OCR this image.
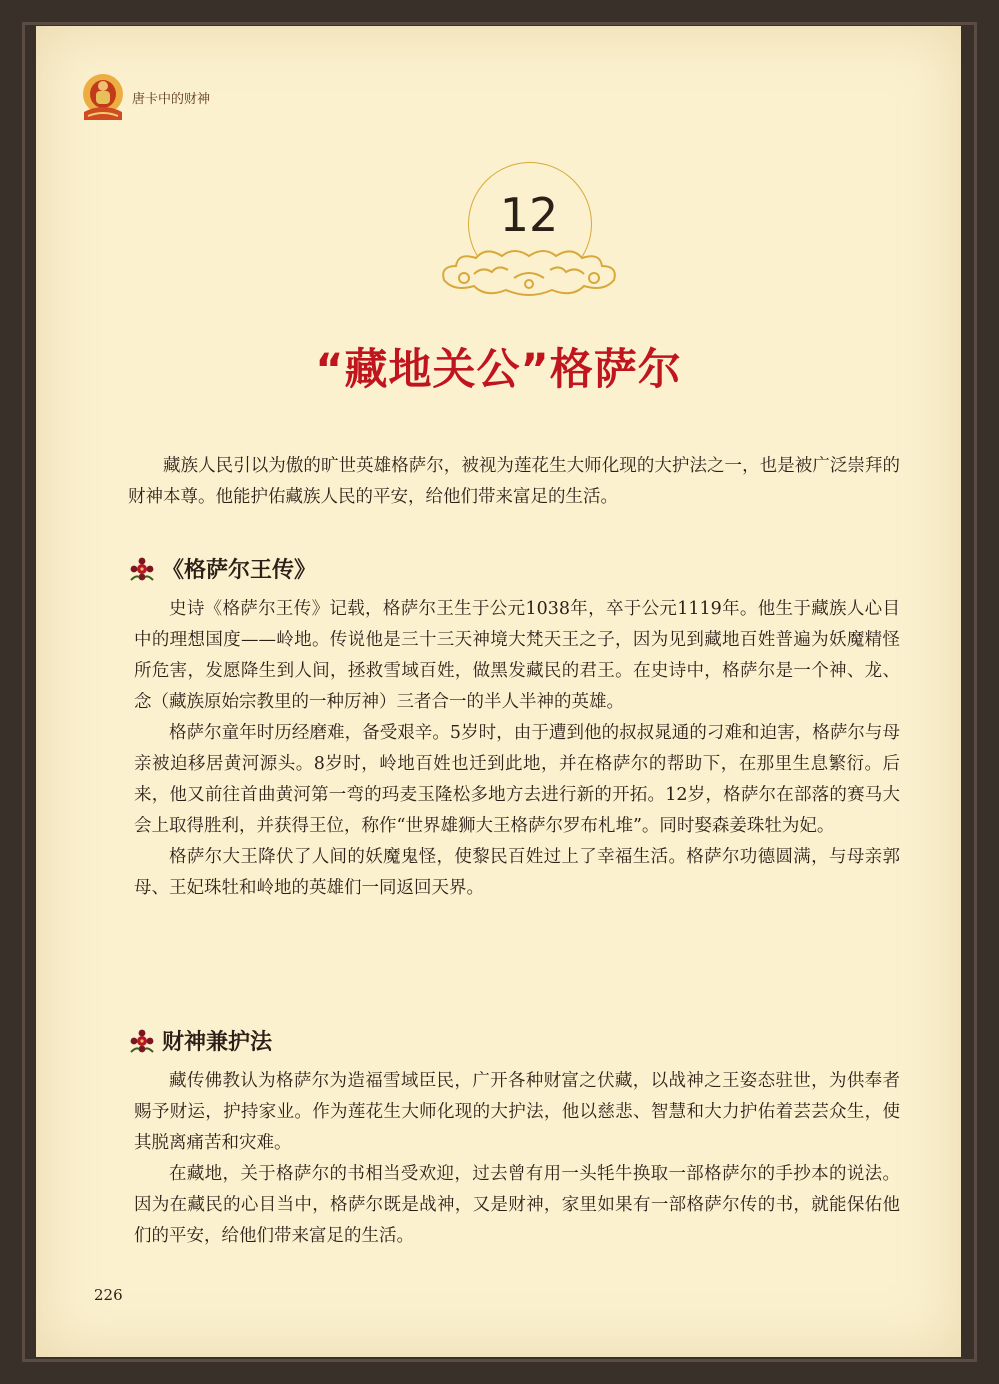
唐卡中的财神
12
“藏地关公”格萨尔

藏族人民引以为傲的旷世英雄格萨尔，被视为莲花生大师化现的大护法之一，也是被广泛崇拜的财神本尊。他能护佑藏族人民的平安，给他们带来富足的生活。

《格萨尔王传》

史诗《格萨尔王传》记载，格萨尔王生于公元1038年，卒于公元1119年。他生于藏族人心目中的理想国度——岭地。传说他是三十三天神境大梵天王之子，因为见到藏地百姓普遍为妖魔精怪所危害，发愿降生到人间，拯救雪域百姓，做黑发藏民的君王。在史诗中，格萨尔是一个神、龙、念（藏族原始宗教里的一种厉神）三者合一的半人半神的英雄。

格萨尔童年时历经磨难，备受艰辛。5岁时，由于遭到他的叔叔晁通的刁难和迫害，格萨尔与母亲被迫移居黄河源头。8岁时，岭地百姓也迁到此地，并在格萨尔的帮助下，在那里生息繁衍。后来，他又前往首曲黄河第一弯的玛麦玉隆松多地方去进行新的开拓。12岁，格萨尔在部落的赛马大会上取得胜利，并获得王位，称作“世界雄狮大王格萨尔罗布札堆”。同时娶森姜珠牡为妃。

格萨尔大王降伏了人间的妖魔鬼怪，使黎民百姓过上了幸福生活。格萨尔功德圆满，与母亲郭母、王妃珠牡和岭地的英雄们一同返回天界。

财神兼护法

藏传佛教认为格萨尔为造福雪域臣民，广开各种财富之伏藏，以战神之王姿态驻世，为供奉者赐予财运，护持家业。作为莲花生大师化现的大护法，他以慈悲、智慧和大力护佑着芸芸众生，使其脱离痛苦和灾难。

在藏地，关于格萨尔的书相当受欢迎，过去曾有用一头牦牛换取一部格萨尔的手抄本的说法。因为在藏民的心目当中，格萨尔既是战神，又是财神，家里如果有一部格萨尔传的书，就能保佑他们的平安，给他们带来富足的生活。

226
